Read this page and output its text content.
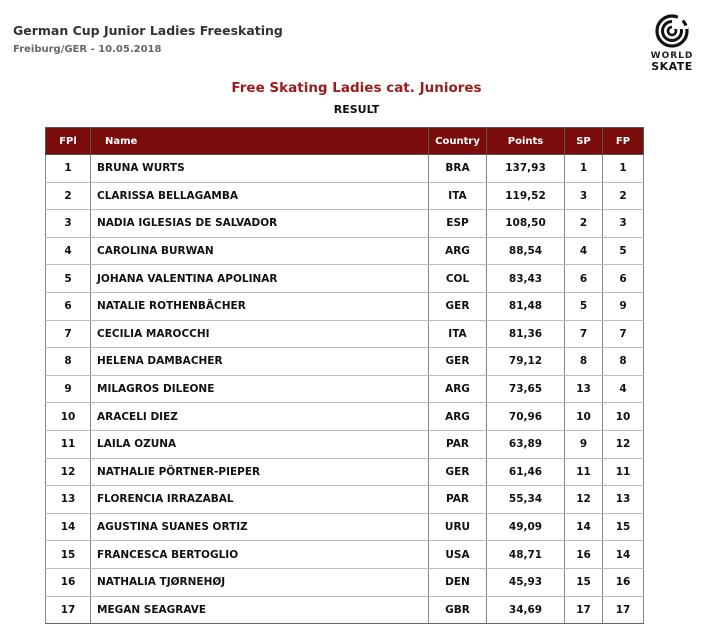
German Cup Junior Ladies Freeskating
Freiburg/GER - 10.05.2018
WORLD
SKATE
Free Skating Ladies cat. Juniores
RESULT
FPl	Name	Country	Points	SP	FP
1	BRUNA WURTS	BRA	137,93	1	1
2	CLARISSA BELLAGAMBA	ITA	119,52	3	2
3	NADIA IGLESIAS DE SALVADOR	ESP	108,50	2	3
4	CAROLINA BURWAN	ARG	88,54	4	5
5	JOHANA VALENTINA APOLINAR	COL	83,43	6	6
6	NATALIE ROTHENBÄCHER	GER	81,48	5	9
7	CECILIA MAROCCHI	ITA	81,36	7	7
8	HELENA DAMBACHER	GER	79,12	8	8
9	MILAGROS DILEONE	ARG	73,65	13	4
10	ARACELI DIEZ	ARG	70,96	10	10
11	LAILA OZUNA	PAR	63,89	9	12
12	NATHALIE PÖRTNER-PIEPER	GER	61,46	11	11
13	FLORENCIA IRRAZABAL	PAR	55,34	12	13
14	AGUSTINA SUANES ORTIZ	URU	49,09	14	15
15	FRANCESCA BERTOGLIO	USA	48,71	16	14
16	NATHALIA TJØRNEHØJ	DEN	45,93	15	16
17	MEGAN SEAGRAVE	GBR	34,69	17	17
